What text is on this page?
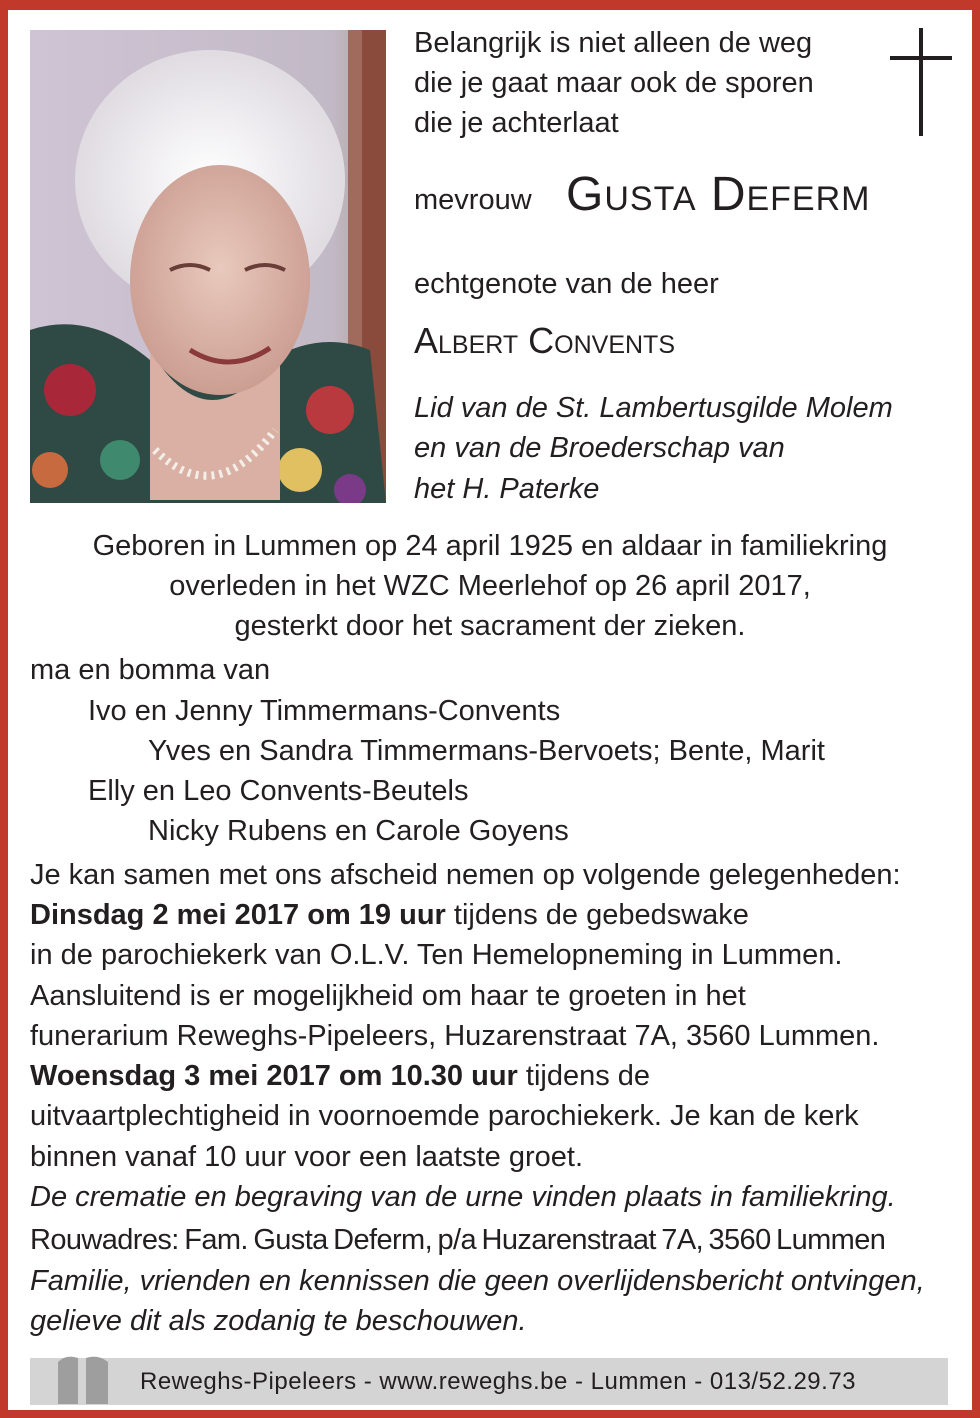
Belangrijk is niet alleen de weg
die je gaat maar ook de sporen
die je achterlaat
mevrouw Gusta Deferm
echtgenote van de heer
Albert Convents
Lid van de St. Lambertusgilde Molem
en van de Broederschap van
het H. Paterke
Geboren in Lummen op 24 april 1925 en aldaar in familiekring
overleden in het WZC Meerlehof op 26 april 2017,
gesterkt door het sacrament der zieken.
ma en bomma van
Ivo en Jenny Timmermans-Convents
Yves en Sandra Timmermans-Bervoets; Bente, Marit
Elly en Leo Convents-Beutels
Nicky Rubens en Carole Goyens
Je kan samen met ons afscheid nemen op volgende gelegenheden:
Dinsdag 2 mei 2017 om 19 uur tijdens de gebedswake
in de parochiekerk van O.L.V. Ten Hemelopneming in Lummen.
Aansluitend is er mogelijkheid om haar te groeten in het
funerarium Reweghs-Pipeleers, Huzarenstraat 7A, 3560 Lummen.
Woensdag 3 mei 2017 om 10.30 uur tijdens de
uitvaartplechtigheid in voornoemde parochiekerk. Je kan de kerk
binnen vanaf 10 uur voor een laatste groet.
De crematie en begraving van de urne vinden plaats in familiekring.
Rouwadres: Fam. Gusta Deferm, p/a Huzarenstraat 7A, 3560 Lummen
Familie, vrienden en kennissen die geen overlijdensbericht ontvingen,
gelieve dit als zodanig te beschouwen.
Reweghs-Pipeleers - www.reweghs.be - Lummen - 013/52.29.73
